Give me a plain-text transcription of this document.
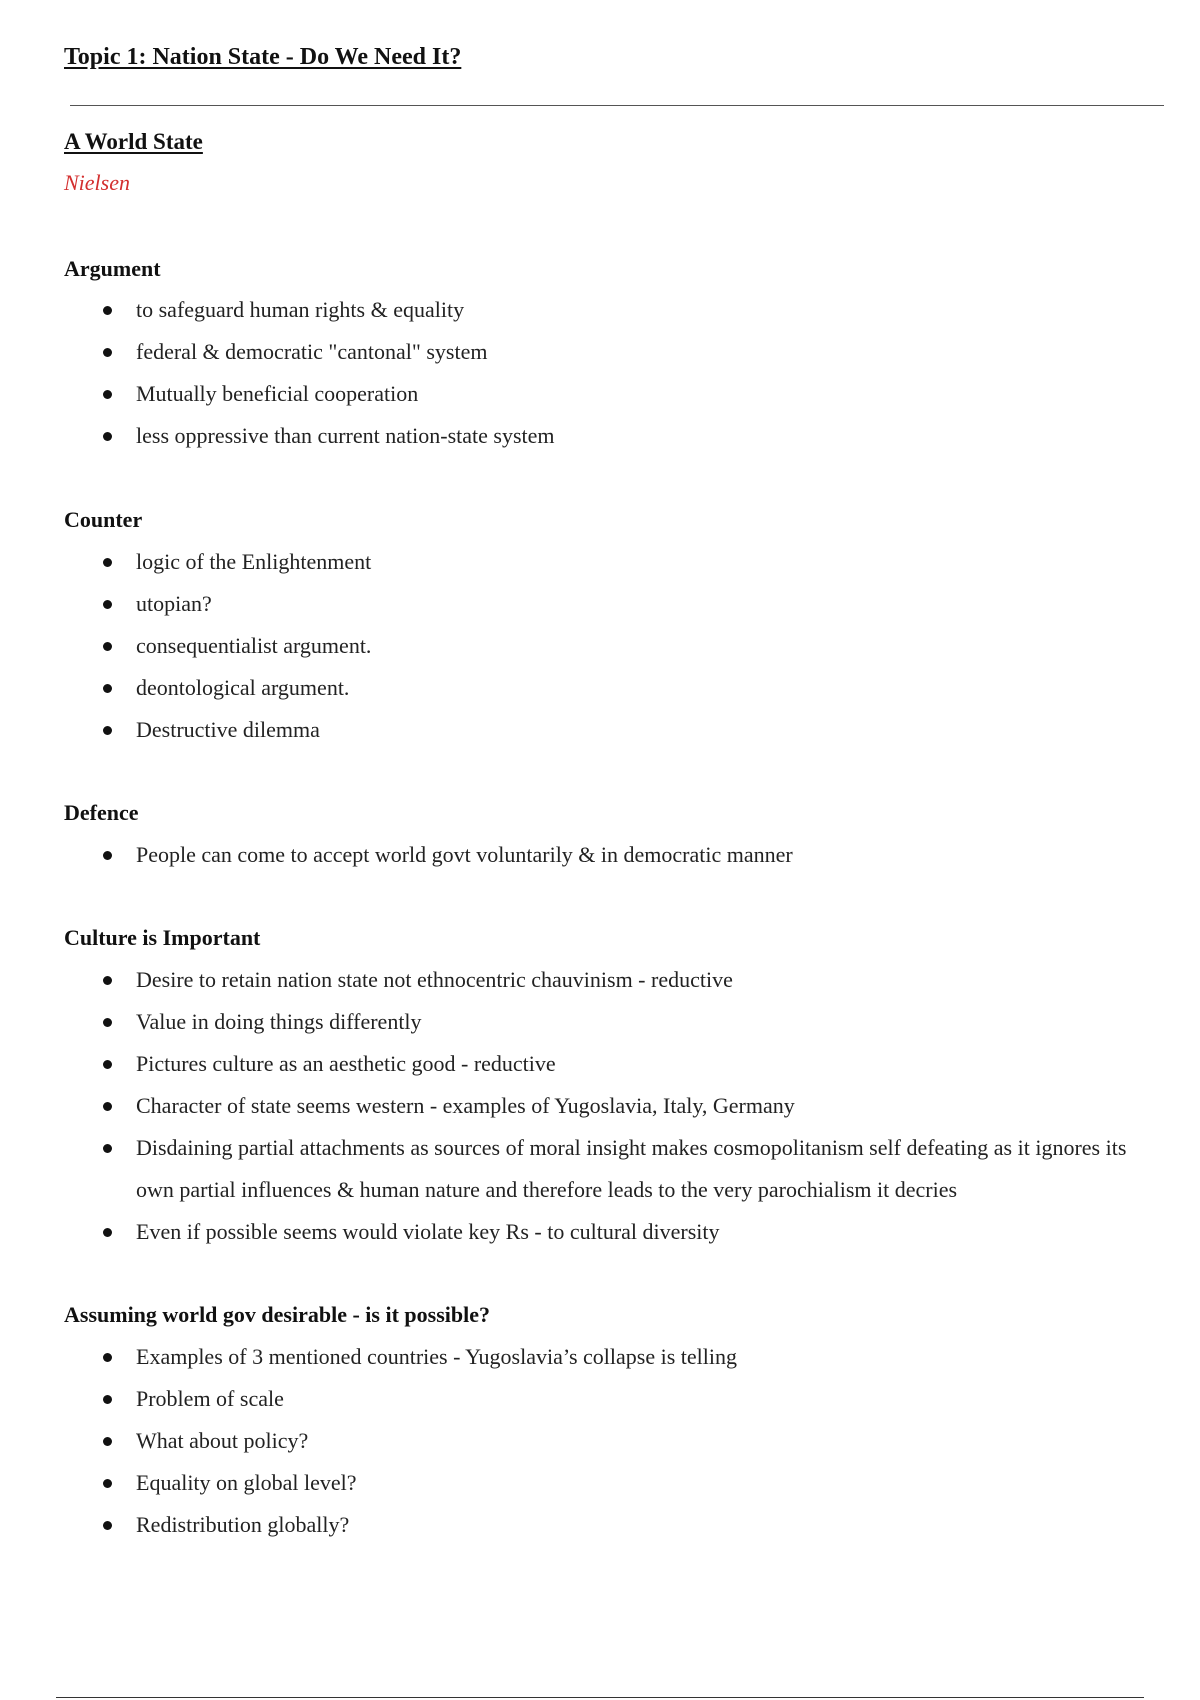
Topic 1: Nation State - Do We Need It?
A World State
Nielsen
Argument
to safeguard human rights & equality
federal & democratic "cantonal" system
Mutually beneficial cooperation
less oppressive than current nation-state system
Counter
logic of the Enlightenment
utopian?
consequentialist argument.
deontological argument.
Destructive dilemma
Defence
People can come to accept world govt voluntarily & in democratic manner
Culture is Important
Desire to retain nation state not ethnocentric chauvinism - reductive
Value in doing things differently
Pictures culture as an aesthetic good - reductive
Character of state seems western - examples of Yugoslavia, Italy, Germany
Disdaining partial attachments as sources of moral insight makes cosmopolitanism self defeating as it ignores its own partial influences & human nature and therefore leads to the very parochialism it decries
Even if possible seems would violate key Rs - to cultural diversity
Assuming world gov desirable - is it possible?
Examples of 3 mentioned countries - Yugoslavia’s collapse is telling
Problem of scale
What about policy?
Equality on global level?
Redistribution globally?
